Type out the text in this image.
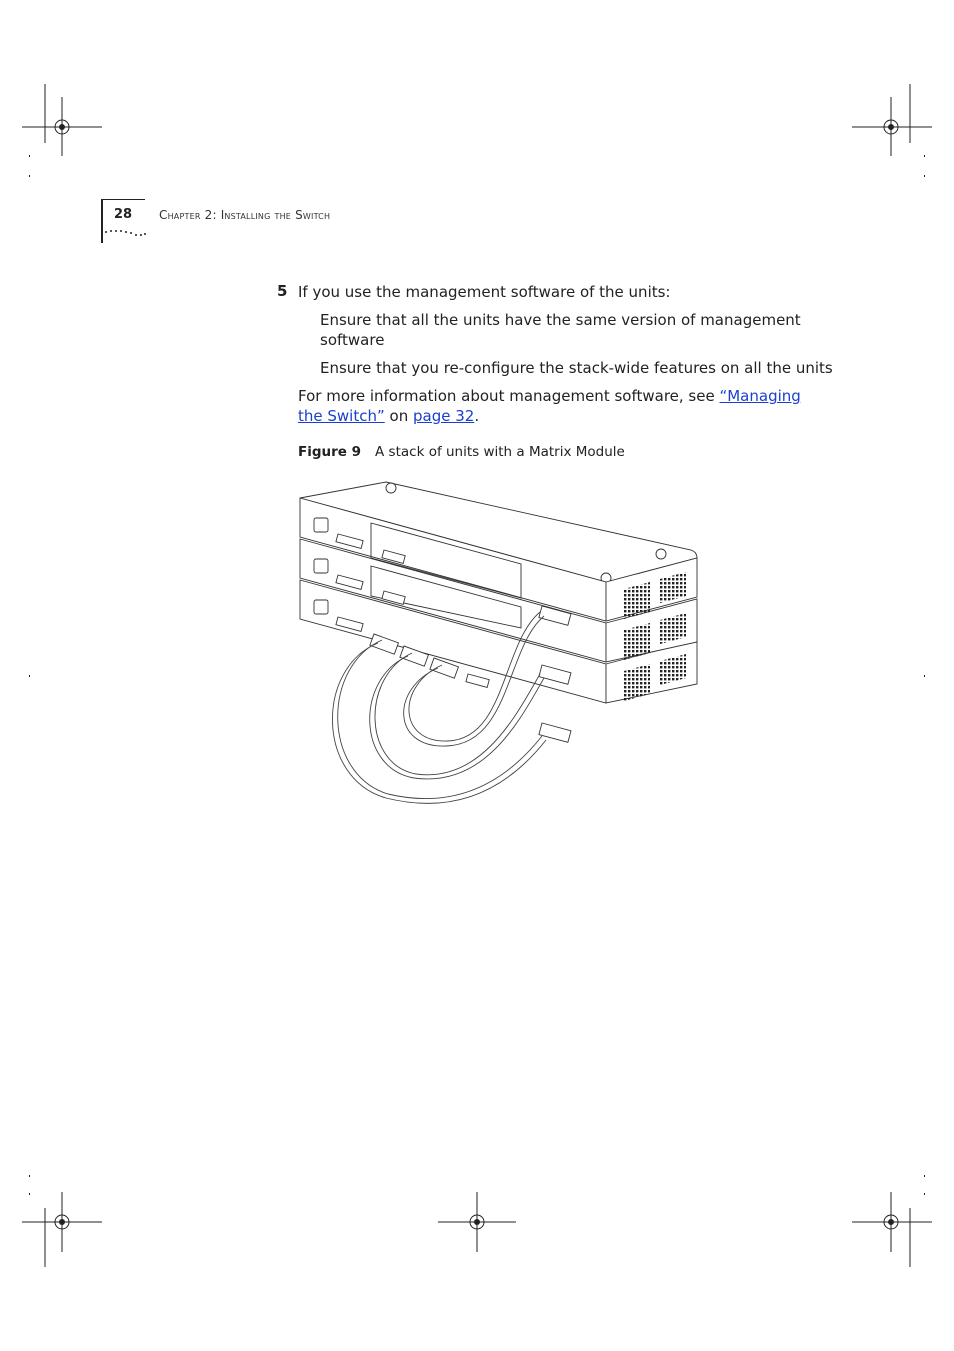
28 Chapter 2: Installing the Switch
5 If you use the management software of the units:
Ensure that all the units have the same version of management software
Ensure that you re-configure the stack-wide features on all the units
For more information about management software, see “Managing the Switch” on page 32.
Figure 9 A stack of units with a Matrix Module
